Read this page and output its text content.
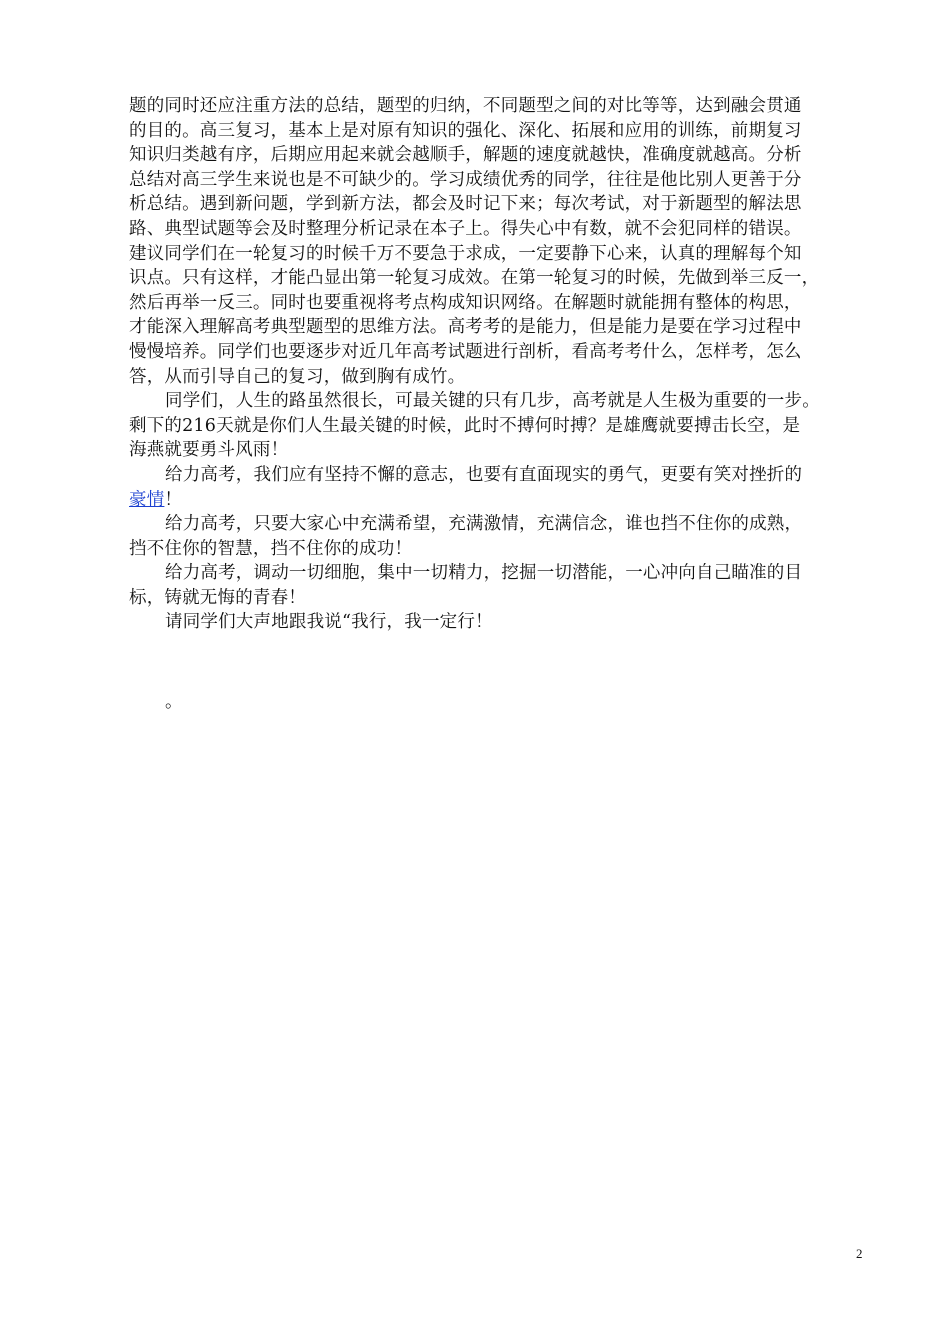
题的同时还应注重方法的总结，题型的归纳，不同题型之间的对比等等，达到融会贯通
的目的。高三复习，基本上是对原有知识的强化、深化、拓展和应用的训练，前期复习
知识归类越有序，后期应用起来就会越顺手，解题的速度就越快，准确度就越高。分析
总结对高三学生来说也是不可缺少的。学习成绩优秀的同学，往往是他比别人更善于分
析总结。遇到新问题，学到新方法，都会及时记下来；每次考试，对于新题型的解法思
路、典型试题等会及时整理分析记录在本子上。得失心中有数，就不会犯同样的错误。
建议同学们在一轮复习的时候千万不要急于求成，一定要静下心来，认真的理解每个知
识点。只有这样，才能凸显出第一轮复习成效。在第一轮复习的时候，先做到举三反一，
然后再举一反三。同时也要重视将考点构成知识网络。在解题时就能拥有整体的构思，
才能深入理解高考典型题型的思维方法。高考考的是能力，但是能力是要在学习过程中
慢慢培养。同学们也要逐步对近几年高考试题进行剖析，看高考考什么，怎样考，怎么
答，从而引导自己的复习，做到胸有成竹。
同学们，人生的路虽然很长，可最关键的只有几步，高考就是人生极为重要的一步。
剩下的216天就是你们人生最关键的时候，此时不搏何时搏？是雄鹰就要搏击长空，是
海燕就要勇斗风雨！
给力高考，我们应有坚持不懈的意志，也要有直面现实的勇气，更要有笑对挫折的
豪情！
给力高考，只要大家心中充满希望，充满激情，充满信念，谁也挡不住你的成熟，
挡不住你的智慧，挡不住你的成功！
给力高考，调动一切细胞，集中一切精力，挖掘一切潜能，一心冲向自己瞄准的目
标，铸就无悔的青春！
请同学们大声地跟我说“我行，我一定行！
。
2
